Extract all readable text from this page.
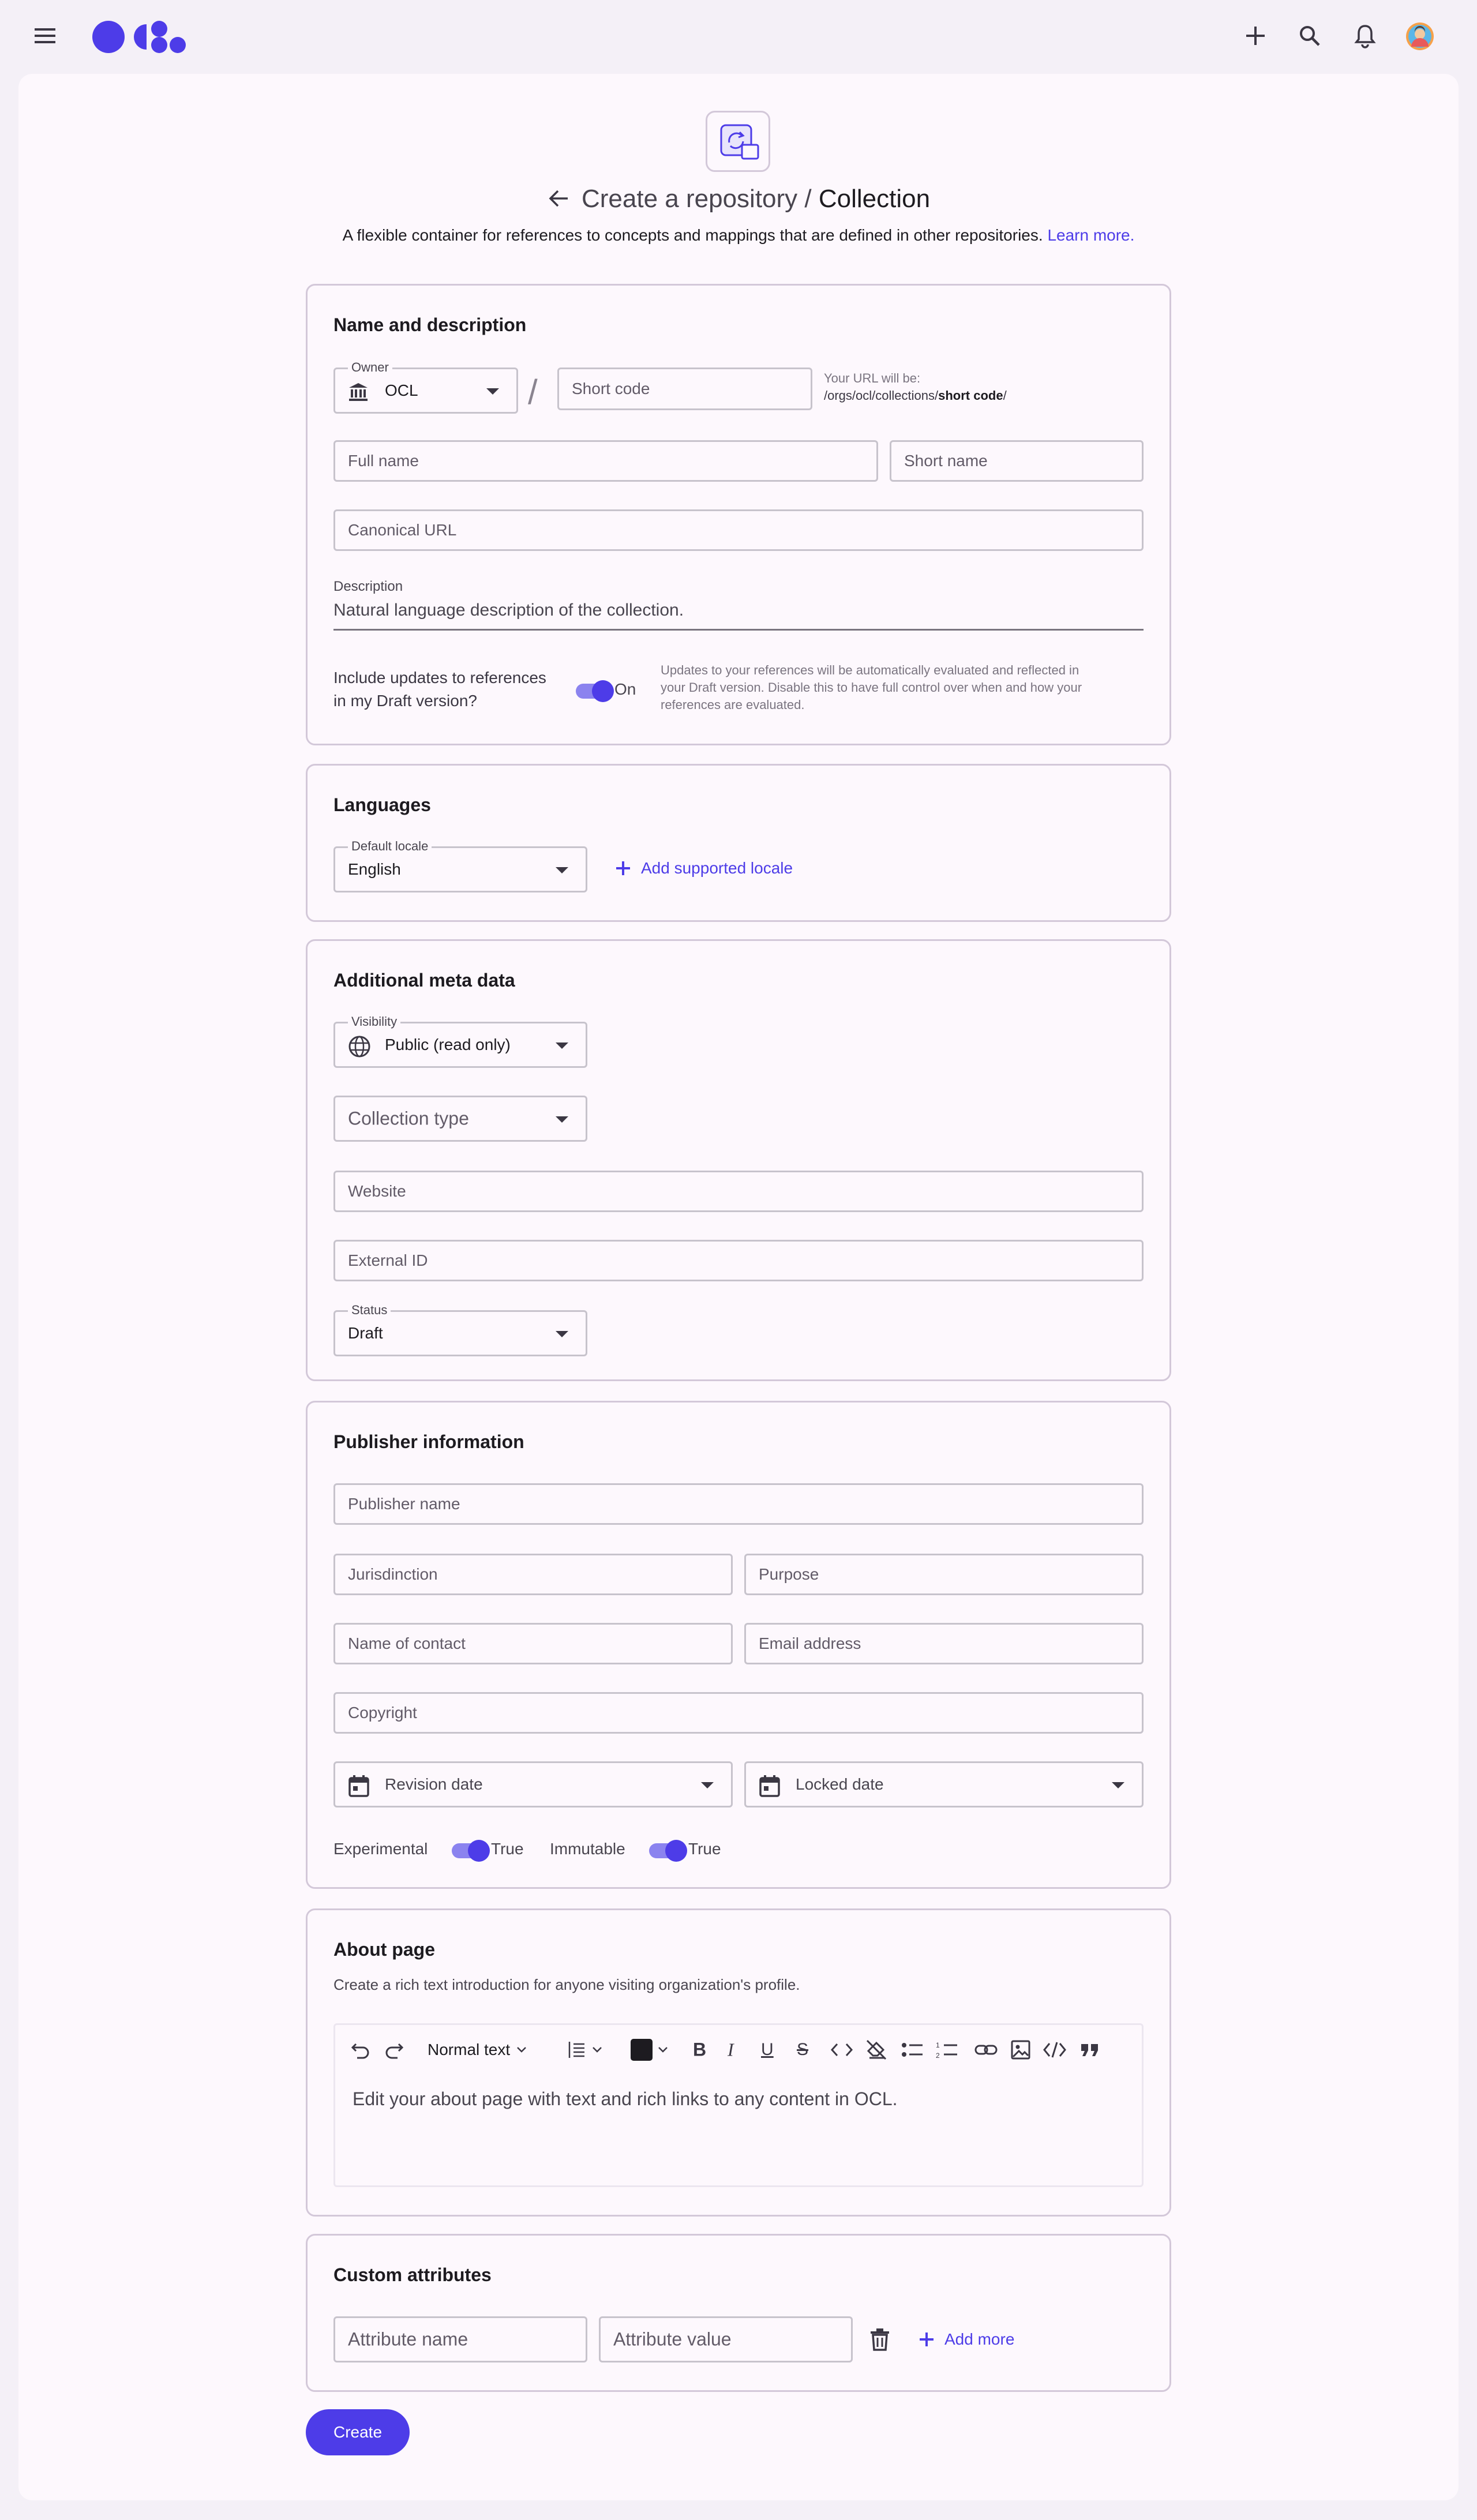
Create a repository / Collection
A flexible container for references to concepts and mappings that are defined in other repositories. Learn more.
Name and description
Owner
OCL	/ Short code
Your URL will be:
/orgs/ocl/collections/short code/
Full name	Short name
Canonical URL
Description
Natural language description of the collection.
Include updates to references
in my Draft version?
On
Updates to your references will be automatically evaluated and reflected in
your Draft version. Disable this to have full control over when and how your
references are evaluated.
Languages
Default locale
English	Add supported locale
Additional meta data
Visibility
Public (read only)
Collection type
Website
External ID
Status
Draft
Publisher information
Publisher name
Jurisdinction	Purpose
Name of contact	Email address
Copyright
Revision date	Locked date
Experimental	True Immutable	True
About page
Create a rich text introduction for anyone visiting organization's profile.
Normal text	B I U S	1
2
Edit your about page with text and rich links to any content in OCL.
Custom attributes
Attribute name	Attribute value	Add more
Create
